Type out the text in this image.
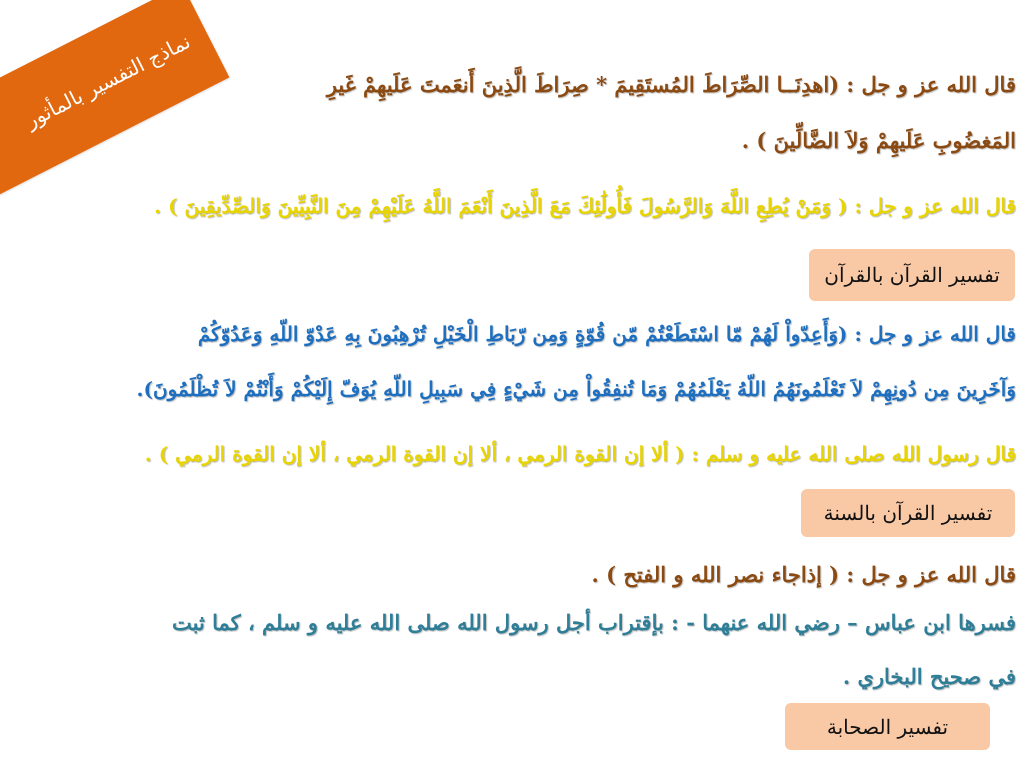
نماذج التفسير بالمأثور	قال الله عز و جل : (اهدِنَــا الصِّرَاطَ المُستَقِيمَ * صِرَاطَ الَّذِينَ أَنعَمتَ عَلَيهِمْ غَيرِ
المَغضُوبِ عَلَيهِمْ وَلاَ الضَّالِّينَ ) .
قال الله عز و جل : ( وَمَنْ يُطِعِ اللَّهَ وَالرَّسُولَ فَأُولَٰئِكَ مَعَ الَّذِينَ أَنْعَمَ اللَّهُ عَلَيْهِمْ مِنَ النَّبِيِّينَ وَالصِّدِّيقِينَ ) .
تفسير القرآن بالقرآن
قال الله عز و جل : (وَأَعِدّواْ لَهُمْ مّا اسْتَطَعْتُمْ مّن قُوّةٍ وَمِن رّبَاطِ الْخَيْلِ تُرْهِبُونَ بِهِ عَدْوّ اللّهِ وَعَدُوّكُمْ
وَآخَرِينَ مِن دُونِهِمْ لاَ تَعْلَمُونَهُمُ اللّهُ يَعْلَمُهُمْ وَمَا تُنفِقُواْ مِن شَيْءٍ فِي سَبِيلِ اللّهِ يُوَفّ إِلَيْكُمْ وَأَنْتُمْ لاَ تُظْلَمُونَ).
قال رسول الله صلى الله عليه و سلم : ( ألا إن القوة الرمي ، ألا إن القوة الرمي ، ألا إن القوة الرمي ) .
تفسير القرآن بالسنة
قال الله عز و جل : ( إذاجاء نصر الله و الفتح ) .
فسرها ابن عباس – رضي الله عنهما - : بإقتراب أجل رسول الله صلى الله عليه و سلم ، كما ثبت
في صحيح البخاري .
تفسير الصحابة
